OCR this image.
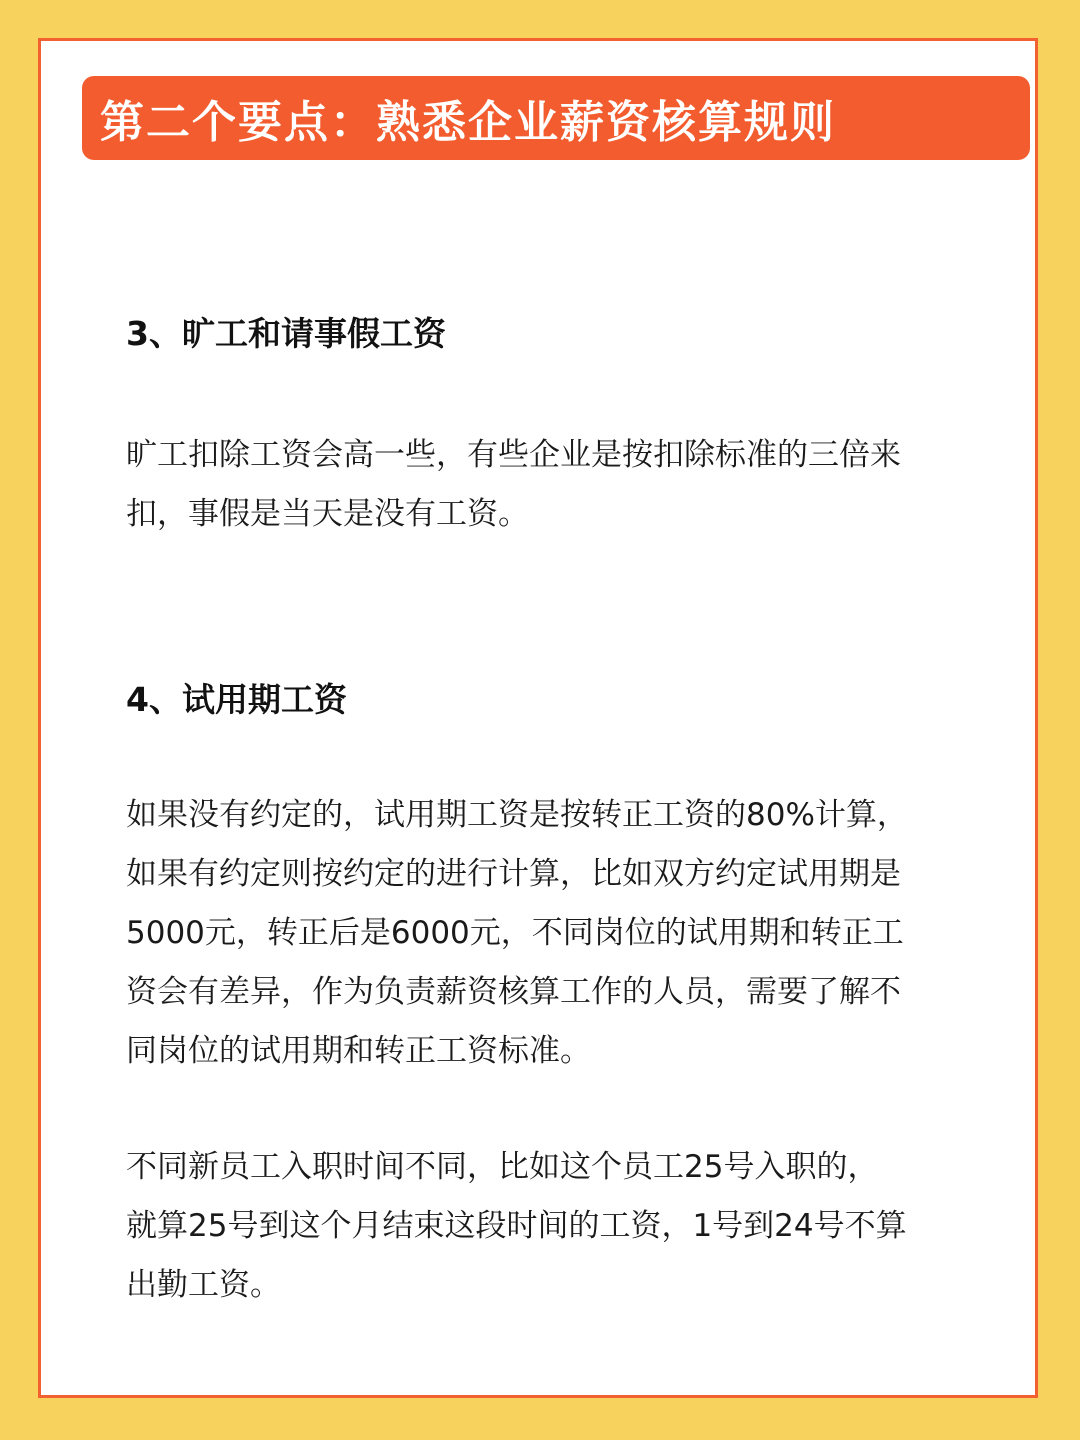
第二个要点：熟悉企业薪资核算规则
3、旷工和请事假工资
旷工扣除工资会高一些，有些企业是按扣除标准的三倍来
扣，事假是当天是没有工资。
4、试用期工资
如果没有约定的，试用期工资是按转正工资的80%计算，
如果有约定则按约定的进行计算，比如双方约定试用期是
5000元，转正后是6000元，不同岗位的试用期和转正工
资会有差异，作为负责薪资核算工作的人员，需要了解不
同岗位的试用期和转正工资标准。
不同新员工入职时间不同，比如这个员工25号入职的，
就算25号到这个月结束这段时间的工资，1号到24号不算
出勤工资。
